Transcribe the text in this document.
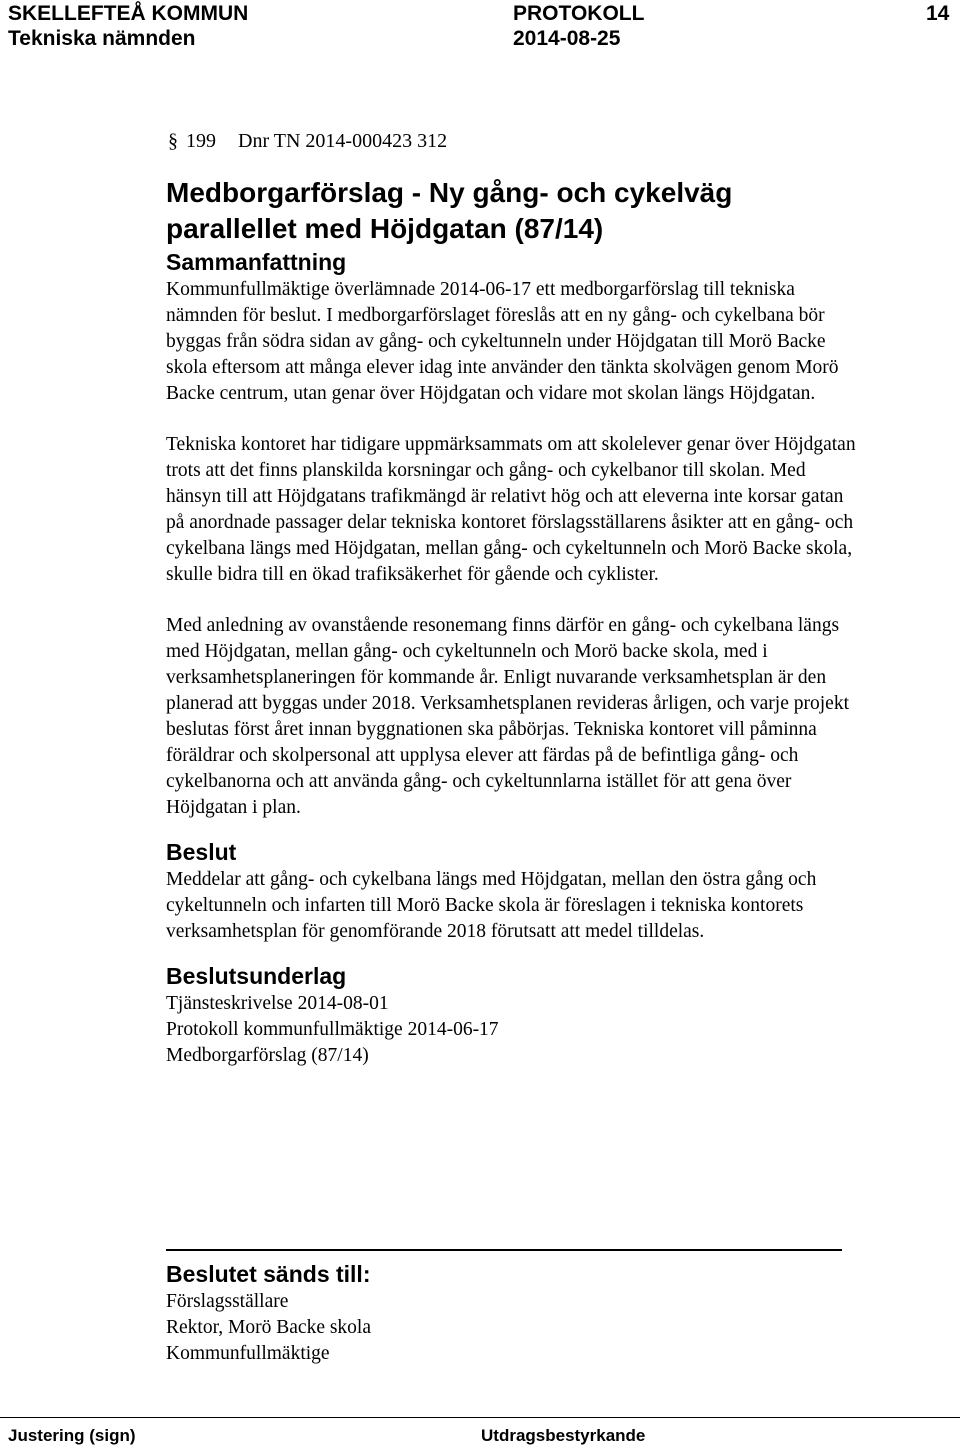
SKELLEFTEÅ KOMMUN	PROTOKOLL	14
Tekniska nämnden	2014-08-25
§ 199 Dnr TN 2014-000423 312
Medborgarförslag - Ny gång- och cykelväg parallellet med Höjdgatan (87/14)
Sammanfattning

Kommunfullmäktige överlämnade 2014-06-17 ett medborgarförslag till tekniska nämnden för beslut. I medborgarförslaget föreslås att en ny gång- och cykelbana bör byggas från södra sidan av gång- och cykeltunneln under Höjdgatan till Morö Backe skola eftersom att många elever idag inte använder den tänkta skolvägen genom Morö Backe centrum, utan genar över Höjdgatan och vidare mot skolan längs Höjdgatan.

Tekniska kontoret har tidigare uppmärksammats om att skolelever genar över Höjdgatan trots att det finns planskilda korsningar och gång- och cykelbanor till skolan. Med hänsyn till att Höjdgatans trafikmängd är relativt hög och att eleverna inte korsar gatan på anordnade passager delar tekniska kontoret förslagsställarens åsikter att en gång- och cykelbana längs med Höjdgatan, mellan gång- och cykeltunneln och Morö Backe skola, skulle bidra till en ökad trafiksäkerhet för gående och cyklister.

Med anledning av ovanstående resonemang finns därför en gång- och cykelbana längs med Höjdgatan, mellan gång- och cykeltunneln och Morö backe skola, med i verksamhetsplaneringen för kommande år. Enligt nuvarande verksamhetsplan är den planerad att byggas under 2018. Verksamhetsplanen revideras årligen, och varje projekt beslutas först året innan byggnationen ska påbörjas. Tekniska kontoret vill påminna föräldrar och skolpersonal att upplysa elever att färdas på de befintliga gång- och cykelbanorna och att använda gång- och cykeltunnlarna istället för att gena över Höjdgatan i plan.

Beslut

Meddelar att gång- och cykelbana längs med Höjdgatan, mellan den östra gång och cykeltunneln och infarten till Morö Backe skola är föreslagen i tekniska kontorets verksamhetsplan för genomförande 2018 förutsatt att medel tilldelas.

Beslutsunderlag

Tjänsteskrivelse 2014-08-01

Protokoll kommunfullmäktige 2014-06-17

Medborgarförslag (87/14)

Beslutet sänds till:

Förslagsställare

Rektor, Morö Backe skola

Kommunfullmäktige

Justering (sign)	Utdragsbestyrkande
